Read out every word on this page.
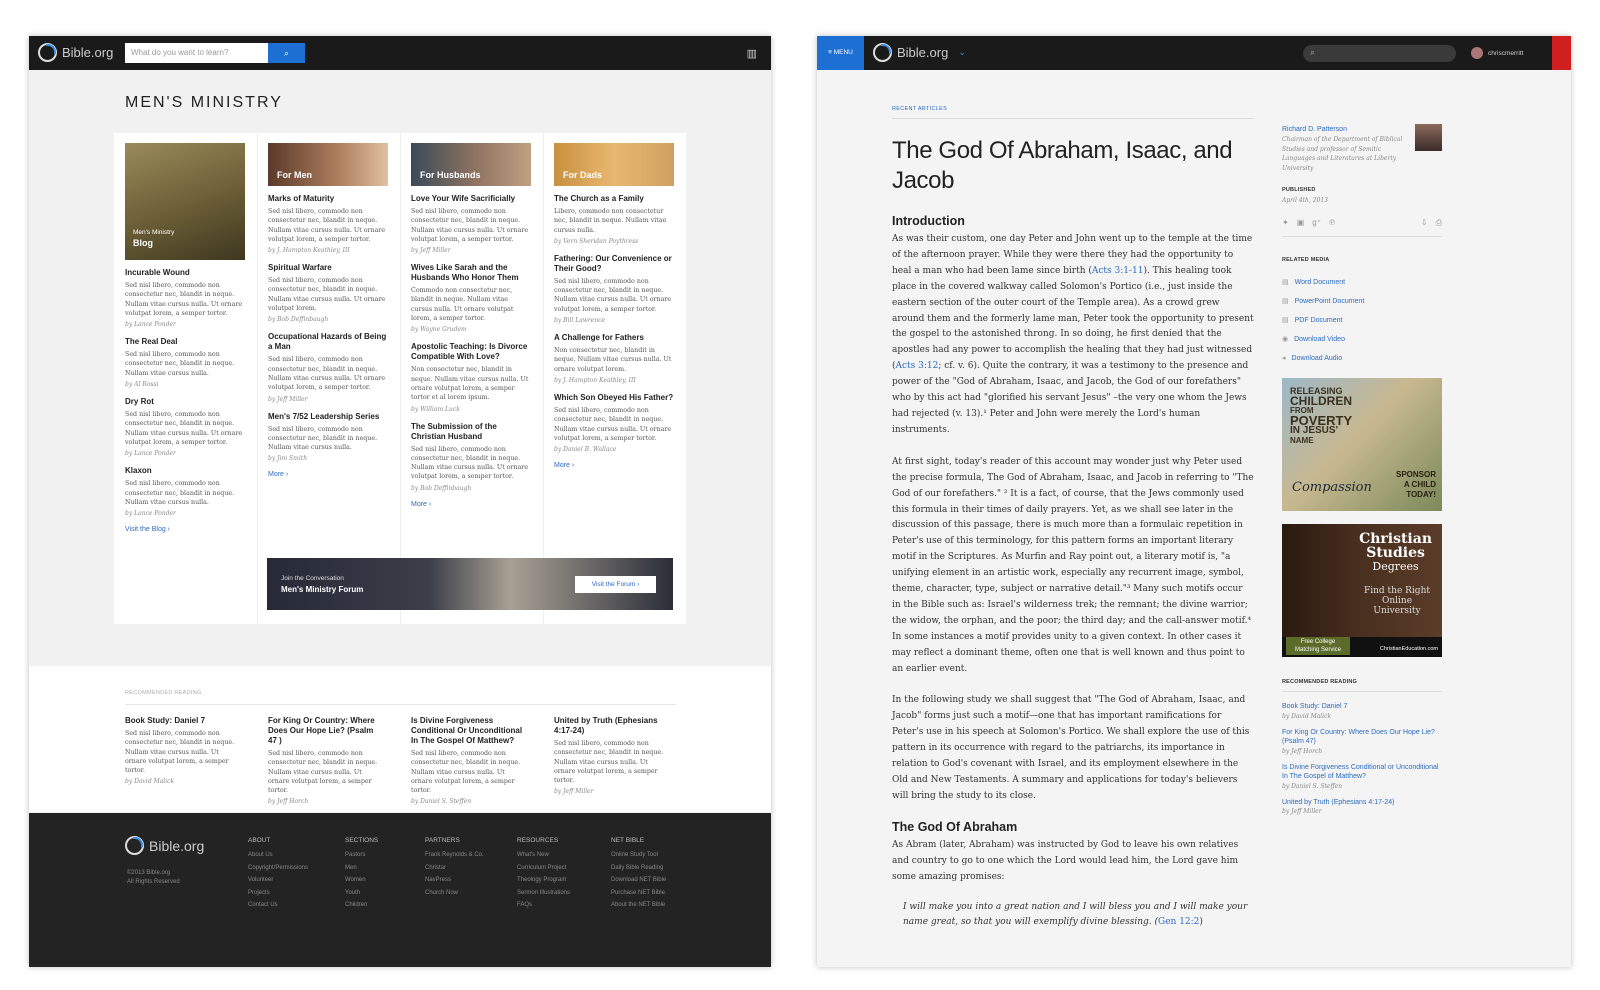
Bible.org	What do you want to learn?	⌕	▥
MEN'S MINISTRY
Men's Ministry
Blog
Incurable Wound

Sed nisl libero, commodo non consectetur nec, blandit in neque. Nullam vitae cursus nulla. Ut ornare volutpat lorem, a semper tortor.

by Lance Ponder
The Real Deal

Sed nisl libero, commodo non consectetur nec, blandit in neque. Nullam vitae cursus nulla.

by Al Rossi
Dry Rot

Sed nisl libero, commodo non consectetur nec, blandit in neque. Nullam vitae cursus nulla. Ut ornare volutpat lorem, a semper tortor.

by Lance Ponder
Klaxon

Sed nisl libero, commodo non consectetur nec, blandit in neque. Nullam vitae cursus nulla.

by Lance Ponder
Visit the Blog ›
For Men
Marks of Maturity

Sed nisl libero, commodo non consectetur nec, blandit in neque. Nullam vitae cursus nulla. Ut ornare volutpat lorem, a semper tortor.

by J. Hampton Keathley, III
Spiritual Warfare

Sed nisl libero, commodo non consectetur nec, blandit in neque. Nullam vitae cursus nulla. Ut ornare volutpat lorem.

by Bob Deffinbaugh
Occupational Hazards of Being a Man

Sed nisl libero, commodo non consectetur nec, blandit in neque. Nullam vitae cursus nulla. Ut ornare volutpat lorem, a semper tortor.

by Jeff Miller
Men's 7/52 Leadership Series

Sed nisl libero, commodo non consectetur nec, blandit in neque. Nullam vitae cursus nulla.

by Jim Smith
More ›
For Husbands
Love Your Wife Sacrificially

Sed nisl libero, commodo non consectetur nec, blandit in neque. Nullam vitae cursus nulla. Ut ornare volutpat lorem, a semper tortor.

by Jeff Miller
Wives Like Sarah and the Husbands Who Honor Them

Commodo non consectetur nec, blandit in neque. Nullam vitae cursus nulla. Ut ornare volutpat lorem, a semper tortor.

by Wayne Grudem
Apostolic Teaching: Is Divorce Compatible With Love?

Non consectetur nec, blandit in neque. Nullam vitae cursus nulla. Ut ornare volutpat lorem, a semper tortor et al lorem ipsum.

by William Luck
The Submission of the Christian Husband

Sed nisl libero, commodo non consectetur nec, blandit in neque. Nullam vitae cursus nulla. Ut ornare volutpat lorem, a semper tortor.

by Bob Deffinbaugh
More ›
For Dads
The Church as a Family

Libero, commodo non consectetur nec, blandit in neque. Nullam vitae cursus nulla.

by Vern Sheridan Poythress
Fathering: Our Convenience or Their Good?

Sed nisl libero, commodo non consectetur nec, blandit in neque. Nullam vitae cursus nulla. Ut ornare volutpat lorem, a semper tortor.

by Bill Lawrence
A Challenge for Fathers

Non consectetur nec, blandit in neque. Nullam vitae cursus nulla. Ut ornare volutpat lorem.

by J. Hampton Keathley, III
Which Son Obeyed His Father?

Sed nisl libero, commodo non consectetur nec, blandit in neque. Nullam vitae cursus nulla. Ut ornare volutpat lorem, a semper tortor.

by Daniel B. Wallace
More ›
Join the Conversation
Men's Ministry Forum
Visit the Forum ›
RECOMMENDED READING
Book Study: Daniel 7

Sed nisl libero, commodo non consectetur nec, blandit in neque. Nullam vitae cursus nulla. Ut ornare volutpat lorem, a semper tortor.

by David Malick
For King Or Country: Where Does Our Hope Lie? (Psalm 47 )

Sed nisl libero, commodo non consectetur nec, blandit in neque. Nullam vitae cursus nulla. Ut ornare volutpat lorem, a semper tortor.

by Jeff Horch
Is Divine Forgiveness Conditional Or Unconditional In The Gospel Of Matthew?

Sed nisl libero, commodo non consectetur nec, blandit in neque. Nullam vitae cursus nulla. Ut ornare volutpat lorem, a semper tortor.

by Daniel S. Steffen
United by Truth (Ephesians 4:17-24)

Sed nisl libero, commodo non consectetur nec, blandit in neque. Nullam vitae cursus nulla. Ut ornare volutpat lorem, a semper tortor.

by Jeff Miller
Bible.org
©2013 Bible.org
All Rights Reserved
ABOUT
About Us
Copyright/Permissions
Volunteer
Projects
Contact Us
SECTIONS
Pastors
Men
Women
Youth
Children
PARTNERS
Frank Reynolds & Co.
Christar
NavPress
Church Now
RESOURCES
What's New
Curriculum Project
Theology Program
Sermon Illustrations
FAQs
NET BIBLE
Online Study Tool
Daily Bible Reading
Download NET Bible
Purchase NET Bible
About the NET Bible
≡ MENU	Bible.org ⌄	⌕	chriscmerritt
RECENT ARTICLES
The God Of Abraham, Isaac, and Jacob
Introduction

As was their custom, one day Peter and John went up to the temple at the time of the afternoon prayer. While they were there they had the opportunity to heal a man who had been lame since birth (Acts 3:1-11). This healing took place in the covered walkway called Solomon's Portico (i.e., just inside the eastern section of the outer court of the Temple area). As a crowd grew around them and the formerly lame man, Peter took the opportunity to present the gospel to the astonished throng. In so doing, he first denied that the apostles had any power to accomplish the healing that they had just witnessed (Acts 3:12; cf. v. 6). Quite the contrary, it was a testimony to the presence and power of the "God of Abraham, Isaac, and Jacob, the God of our forefathers" who by this act had "glorified his servant Jesus" –the very one whom the Jews had rejected (v. 13).¹ Peter and John were merely the Lord's human instruments.

At first sight, today's reader of this account may wonder just why Peter used the precise formula, The God of Abraham, Isaac, and Jacob in referring to "The God of our forefathers." ² It is a fact, of course, that the Jews commonly used this formula in their times of daily prayers. Yet, as we shall see later in the discussion of this passage, there is much more than a formulaic repetition in Peter's use of this terminology, for this pattern forms an important literary motif in the Scriptures. As Murfin and Ray point out, a literary motif is, "a unifying element in an artistic work, especially any recurrent image, symbol, theme, character, type, subject or narrative detail."³ Many such motifs occur in the Bible such as: Israel's wilderness trek; the remnant; the divine warrior; the widow, the orphan, and the poor; the third day; and the call-answer motif.⁴ In some instances a motif provides unity to a given context. In other cases it may reflect a dominant theme, often one that is well known and thus point to an earlier event.

In the following study we shall suggest that "The God of Abraham, Isaac, and Jacob" forms just such a motif—one that has important ramifications for Peter's use in his speech at Solomon's Portico. We shall explore the use of this pattern in its occurrence with regard to the patriarchs, its importance in relation to God's covenant with Israel, and its employment elsewhere in the Old and New Testaments. A summary and applications for today's believers will bring the study to its close.

The God Of Abraham
As Abram (later, Abraham) was instructed by God to leave his own relatives and country to go to one which the Lord would lead him, the Lord gave him some amazing promises:
I will make you into a great nation and I will bless you and I will make your name great, so that you will exemplify divine blessing. (Gen 12:2)
Richard D. Patterson
Chairman of the Department of Biblical Studies and professor of Semitic Languages and Literatures at Liberty University
PUBLISHED
April 4th, 2013
✦ ▣ g⁺ ℗	⇩ ⎙
RELATED MEDIA
▤ Word Document
▤ PowerPoint Document
▤ PDF Document
◉ Download Video
◂ Download Audio
RELEASING
CHILDREN
FROM
POVERTY
IN JESUS'
NAME
Compassion
SPONSOR
A CHILD
TODAY!
Christian
Studies
Degrees
Find the Right
Online
University
Free College
Matching Service	ChristianEducation.com
RECOMMENDED READING
Book Study: Daniel 7
by David Malick
For King Or Country: Where Does Our Hope Lie? (Psalm 47)
by Jeff Horch
Is Divine Forgiveness Conditional or Unconditional In The Gospel of Matthew?
by Daniel S. Steffen
United by Truth (Ephesians 4:17-24)
by Jeff Miller
